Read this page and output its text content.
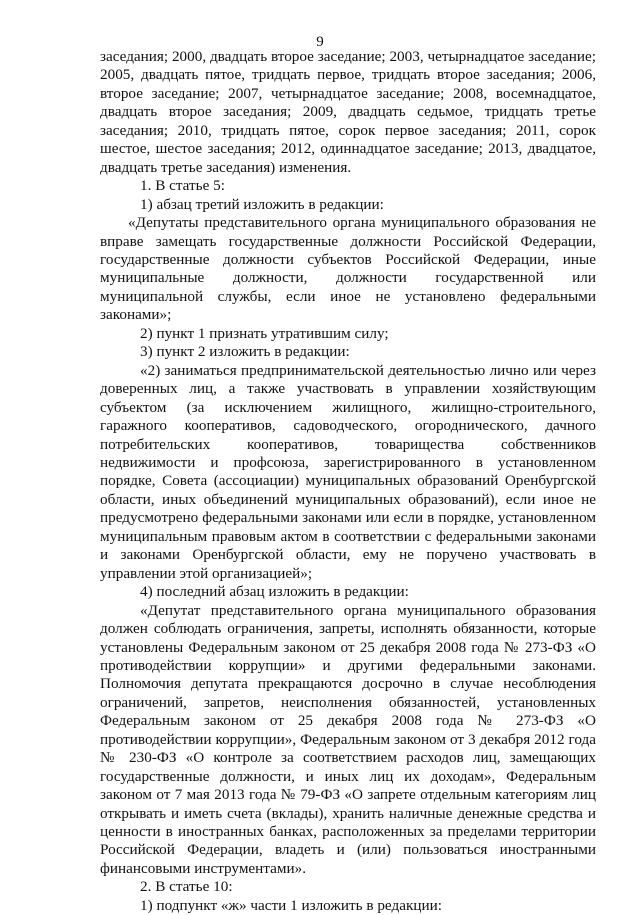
9

заседания; 2000, двадцать второе заседание; 2003, четырнадцатое заседание; 2005, двадцать пятое, тридцать первое, тридцать второе заседания; 2006, второе заседание; 2007, четырнадцатое заседание; 2008, восемнадцатое, двадцать второе заседания; 2009, двадцать седьмое, тридцать третье заседания; 2010, тридцать пятое, сорок первое заседания; 2011, сорок шестое, шестое заседания; 2012, одиннадцатое заседание; 2013, двадцатое, двадцать третье заседания) изменения.

1. В статье 5:

1) абзац третий изложить в редакции:

«Депутаты представительного органа муниципального образования не вправе замещать государственные должности Российской Федерации, государственные должности субъектов Российской Федерации, иные муниципальные должности, должности государственной или муниципальной службы, если иное не установлено федеральными законами»;

2) пункт 1 признать утратившим силу;

3) пункт 2 изложить в редакции:

«2) заниматься предпринимательской деятельностью лично или через доверенных лиц, а также участвовать в управлении хозяйствующим субъектом (за исключением жилищного, жилищно-строительного, гаражного кооперативов, садоводческого, огороднического, дачного потребительских кооперативов, товарищества собственников недвижимости и профсоюза, зарегистрированного в установленном порядке, Совета (ассоциации) муниципальных образований Оренбургской области, иных объединений муниципальных образований), если иное не предусмотрено федеральными законами или если в порядке, установленном муниципальным правовым актом в соответствии с федеральными законами и законами Оренбургской области, ему не поручено участвовать в управлении этой организацией»;

4) последний абзац изложить в редакции:

«Депутат представительного органа муниципального образования должен соблюдать ограничения, запреты, исполнять обязанности, которые установлены Федеральным законом от 25 декабря 2008 года № 273-ФЗ «О противодействии коррупции» и другими федеральными законами. Полномочия депутата прекращаются досрочно в случае несоблюдения ограничений, запретов, неисполнения обязанностей, установленных Федеральным законом от 25 декабря 2008 года № 273-ФЗ «О противодействии коррупции», Федеральным законом от 3 декабря 2012 года № 230-ФЗ «О контроле за соответствием расходов лиц, замещающих государственные должности, и иных лиц их доходам», Федеральным законом от 7 мая 2013 года № 79-ФЗ «О запрете отдельным категориям лиц открывать и иметь счета (вклады), хранить наличные денежные средства и ценности в иностранных банках, расположенных за пределами территории Российской Федерации, владеть и (или) пользоваться иностранными финансовыми инструментами».

2. В статье 10:

1) подпункт «ж» части 1 изложить в редакции:
